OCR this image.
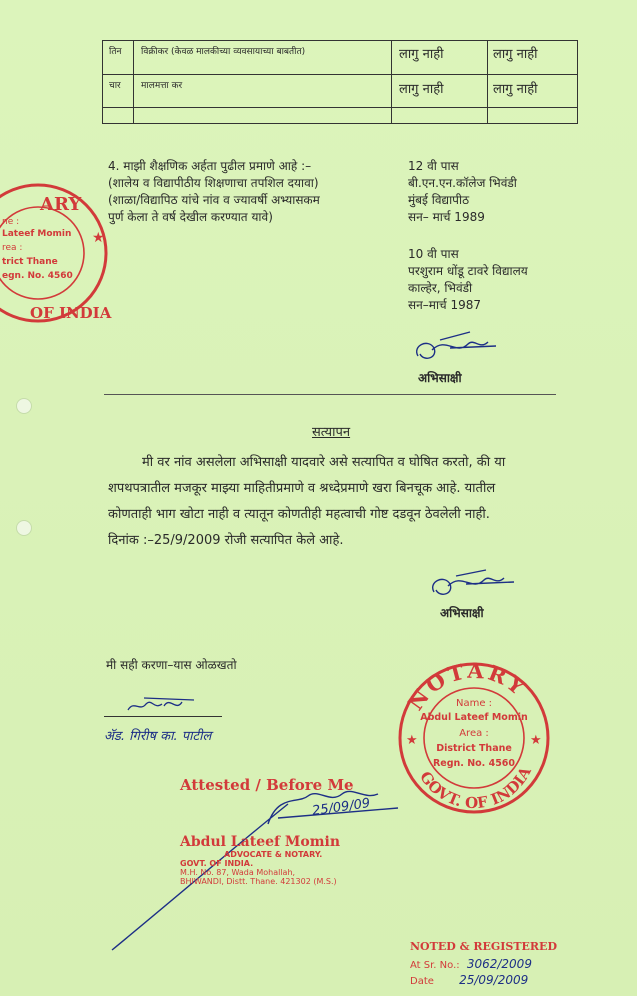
तिन विक्रीकर (केवळ मालकीच्या व्यवसायाच्या बाबतीत)	लागु नाही	लागु नाही
चार मालमत्ता कर	लागु नाही	लागु नाही
4. माझी शैक्षणिक अर्हता पुढील प्रमाणे आहे :–
(शालेय व विद्यापीठीय शिक्षणाचा तपशिल दयावा)
(शाळा/विद्यापिठ यांचे नांव व ज्यावर्षी अभ्यासकम
पुर्ण केला ते वर्ष देखील करण्यात यावे)
12 वी पास
बी.एन.एन.कॉलेज भिवंडी
मुंबई विद्यापीठ
सन– मार्च 1989
10 वी पास
परशुराम धोंडू टावरे विद्यालय
काल्हेर, भिवंडी
सन–मार्च 1987
अभिसाक्षी
सत्यापन
मी वर नांव असलेला अभिसाक्षी यादवारे असे सत्यापित व घोषित करतो, की या
शपथपत्रातील मजकूर माझ्या माहितीप्रमाणे व श्रध्देप्रमाणे खरा बिनचूक आहे. यातील
कोणताही भाग खोटा नाही व त्यातून कोणतीही महत्वाची गोष्ट दडवून ठेवलेली नाही.
दिनांक :–25/9/2009 रोजी सत्यापित केले आहे.
अभिसाक्षी
मी सही करणा–यास ओळखतो
ॲड. गिरीष का. पाटील
ARY
ne :
Lateef Momin
rea :
trict Thane
egn. No. 4560
OF INDIA
★
NOTARY
GOVT. OF INDIA
Name :
Abdul Lateef Momin
Area :
District Thane
Regn. No. 4560
★	★
Attested / Before Me
25/09/09
Abdul Lateef Momin
ADVOCATE & NOTARY.
GOVT. OF INDIA.
M.H. No. 87, Wada Mohallah,
BHIWANDI, Distt. Thane. 421302 (M.S.)
NOTED & REGISTERED
At Sr. No.: 3062/2009
Date 25/09/2009
